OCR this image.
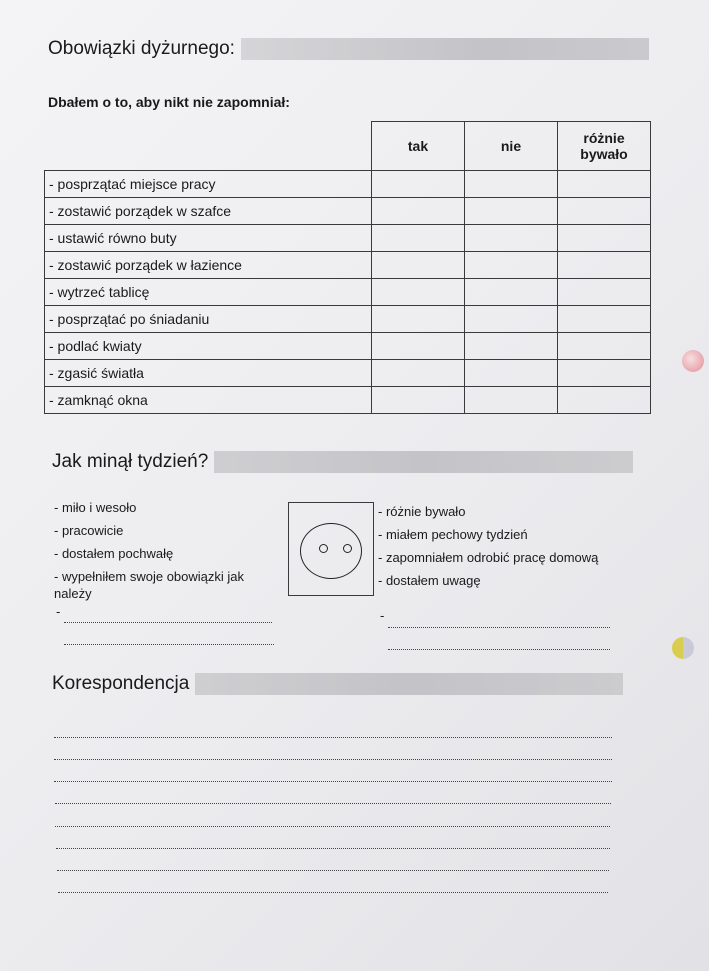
Obowiązki dyżurnego:
Dbałem o to, aby nikt nie zapomniał:
	tak	nie	różnie bywało
- posprzątać miejsce pracy			
- zostawić porządek w szafce			
- ustawić równo buty			
- zostawić porządek w łazience			
- wytrzeć tablicę			
- posprzątać po śniadaniu			
- podlać kwiaty			
- zgasić światła			
- zamknąć okna			
Jak minął tydzień?
- miło i wesoło
- pracowicie
- dostałem pochwałę
- wypełniłem swoje obowiązki jak należy
- różnie bywało
- miałem pechowy tydzień
- zapomniałem odrobić pracę domową
- dostałem uwagę
-	-
Korespondencja
